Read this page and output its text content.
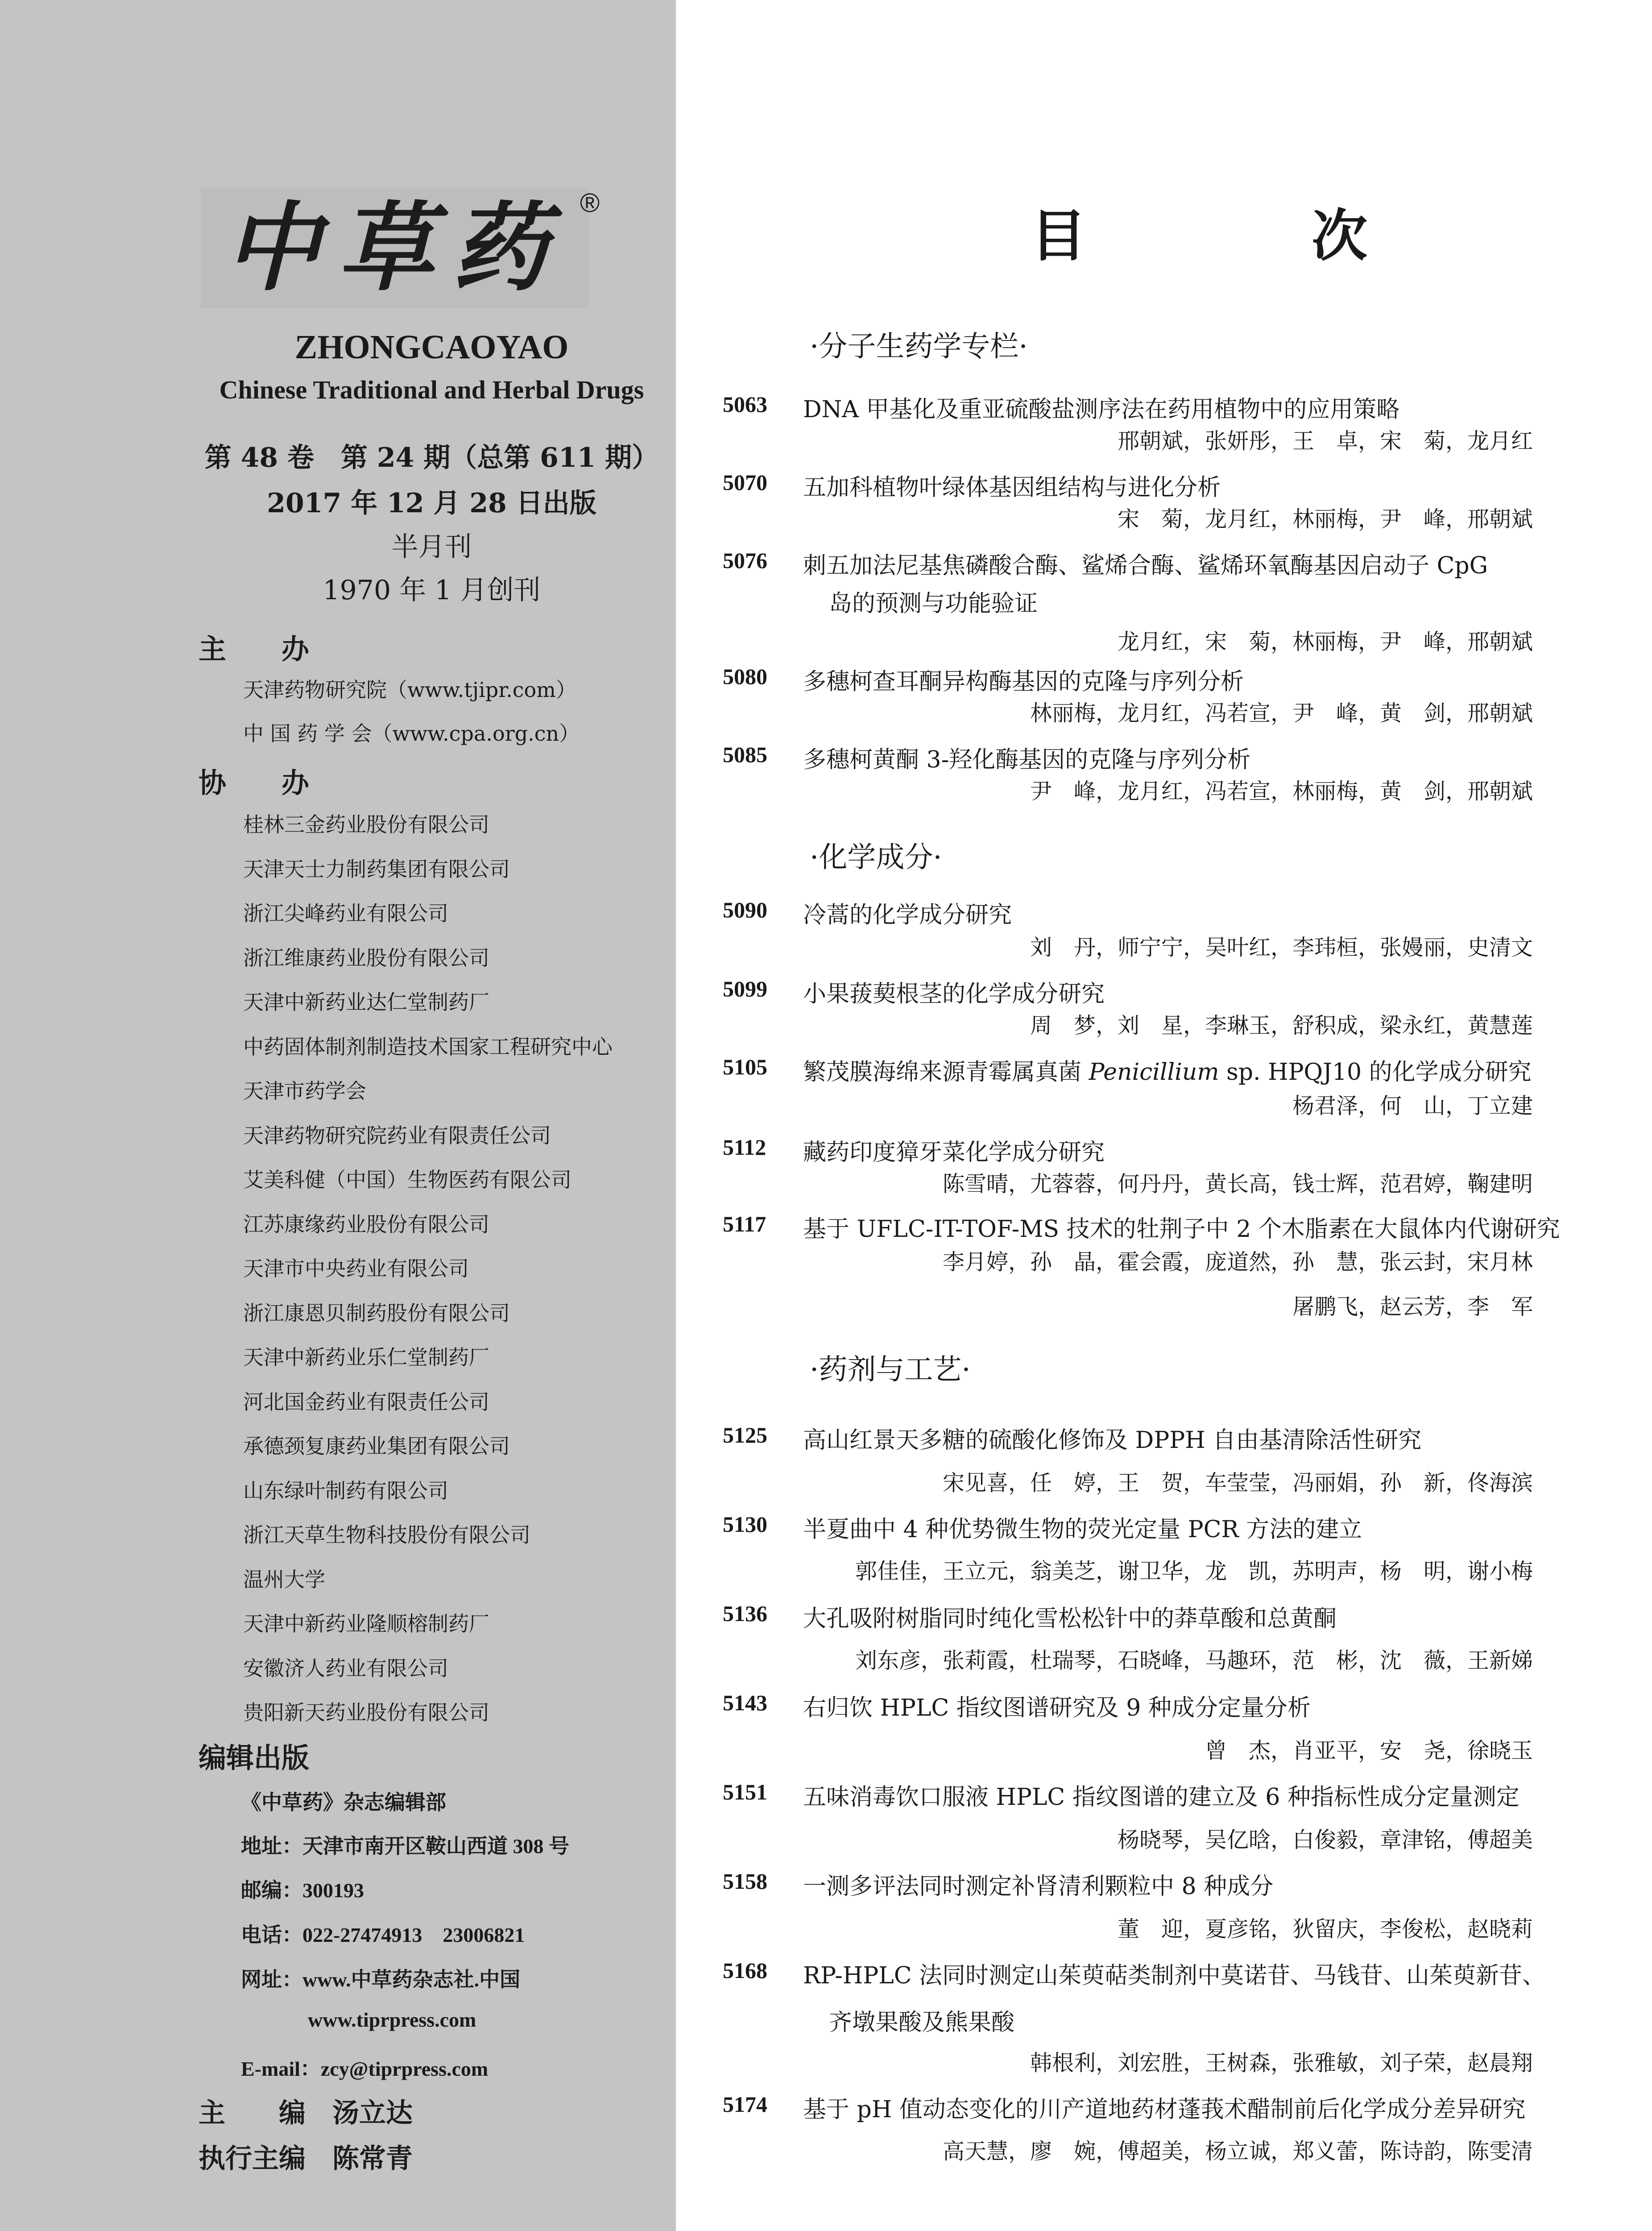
中草药 ®
ZHONGCAOYAO
Chinese Traditional and Herbal Drugs
第 48 卷　第 24 期（总第 611 期）
2017 年 12 月 28 日出版
半月刊
1970 年 1 月创刊
主　　办
天津药物研究院（www.tjipr.com）
中 国 药 学 会（www.cpa.org.cn）
协　　办
编辑出版
《中草药》杂志编辑部
地址：天津市南开区鞍山西道 308 号
邮编：300193
电话：022-27474913　23006821
网址：www.中草药杂志社.中国
www.tiprpress.com
E-mail：zcy@tiprpress.com
主　　编　汤立达
执行主编　陈常青
桂林三金药业股份有限公司
天津天士力制药集团有限公司
浙江尖峰药业有限公司
浙江维康药业股份有限公司
天津中新药业达仁堂制药厂
中药固体制剂制造技术国家工程研究中心
天津市药学会
天津药物研究院药业有限责任公司
艾美科健（中国）生物医药有限公司
江苏康缘药业股份有限公司
天津市中央药业有限公司
浙江康恩贝制药股份有限公司
天津中新药业乐仁堂制药厂
河北国金药业有限责任公司
承德颈复康药业集团有限公司
山东绿叶制药有限公司
浙江天草生物科技股份有限公司
温州大学
天津中新药业隆顺榕制药厂
安徽济人药业有限公司
贵阳新天药业股份有限公司
目　次
·分子生药学专栏·
5063	DNA 甲基化及重亚硫酸盐测序法在药用植物中的应用策略
邢朝斌，张妍彤，王　卓，宋　菊，龙月红
5070	五加科植物叶绿体基因组结构与进化分析
宋　菊，龙月红，林丽梅，尹　峰，邢朝斌
5076	刺五加法尼基焦磷酸合酶、鲨烯合酶、鲨烯环氧酶基因启动子 CpG
岛的预测与功能验证
龙月红，宋　菊，林丽梅，尹　峰，邢朝斌
5080	多穗柯查耳酮异构酶基因的克隆与序列分析
林丽梅，龙月红，冯若宣，尹　峰，黄　剑，邢朝斌
5085	多穗柯黄酮 3-羟化酶基因的克隆与序列分析
尹　峰，龙月红，冯若宣，林丽梅，黄　剑，邢朝斌
·化学成分·
5090	冷蒿的化学成分研究
刘　丹，师宁宁，吴叶红，李玮桓，张嫚丽，史清文
5099	小果菝葜根茎的化学成分研究
周　梦，刘　星，李琳玉，舒积成，梁永红，黄慧莲
5105	繁茂膜海绵来源青霉属真菌 Penicillium sp. HPQJ10 的化学成分研究
杨君泽，何　山，丁立建
5112	藏药印度獐牙菜化学成分研究
陈雪晴，尤蓉蓉，何丹丹，黄长高，钱士辉，范君婷，鞠建明
5117	基于 UFLC-IT-TOF-MS 技术的牡荆子中 2 个木脂素在大鼠体内代谢研究
李月婷，孙　晶，霍会霞，庞道然，孙　慧，张云封，宋月林
屠鹏飞，赵云芳，李　军
·药剂与工艺·
5125	高山红景天多糖的硫酸化修饰及 DPPH 自由基清除活性研究
宋见喜，任　婷，王　贺，车莹莹，冯丽娟，孙　新，佟海滨
5130	半夏曲中 4 种优势微生物的荧光定量 PCR 方法的建立
郭佳佳，王立元，翁美芝，谢卫华，龙　凯，苏明声，杨　明，谢小梅
5136	大孔吸附树脂同时纯化雪松松针中的莽草酸和总黄酮
刘东彦，张莉霞，杜瑞琴，石晓峰，马趣环，范　彬，沈　薇，王新娣
5143	右归饮 HPLC 指纹图谱研究及 9 种成分定量分析
曾　杰，肖亚平，安　尧，徐晓玉
5151	五味消毒饮口服液 HPLC 指纹图谱的建立及 6 种指标性成分定量测定
杨晓琴，吴亿晗，白俊毅，章津铭，傅超美
5158	一测多评法同时测定补肾清利颗粒中 8 种成分
董　迎，夏彦铭，狄留庆，李俊松，赵晓莉
5168	RP-HPLC 法同时测定山茱萸萜类制剂中莫诺苷、马钱苷、山茱萸新苷、
齐墩果酸及熊果酸
韩根利，刘宏胜，王树森，张雅敏，刘子荣，赵晨翔
5174	基于 pH 值动态变化的川产道地药材蓬莪术醋制前后化学成分差异研究
高天慧，廖　婉，傅超美，杨立诚，郑义蕾，陈诗韵，陈雯清
